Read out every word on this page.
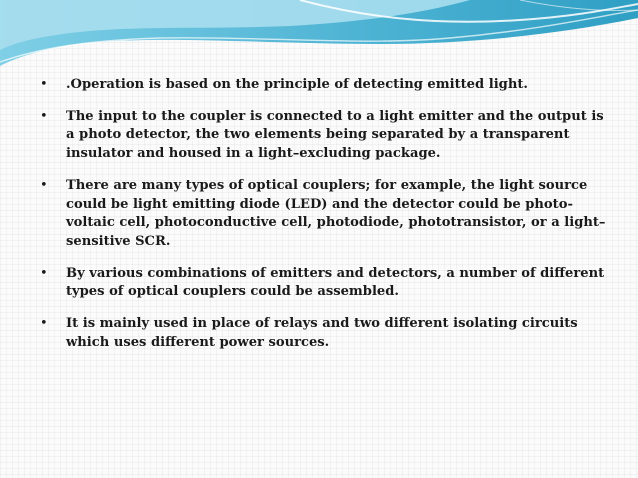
• .Operation is based on the principle of detecting emitted light.
• The input to the coupler is connected to a light emitter and the output is a photo detector, the two elements being separated by a transparent insulator and housed in a light–excluding package.
• There are many types of optical couplers; for example, the light source could be light emitting diode (LED) and the detector could be photo-voltaic cell, photoconductive cell, photodiode, phototransistor, or a light–sensitive SCR.
• By various combinations of emitters and detectors, a number of different types of optical couplers could be assembled.
• It is mainly used in place of relays and two different isolating circuits which uses different power sources.
